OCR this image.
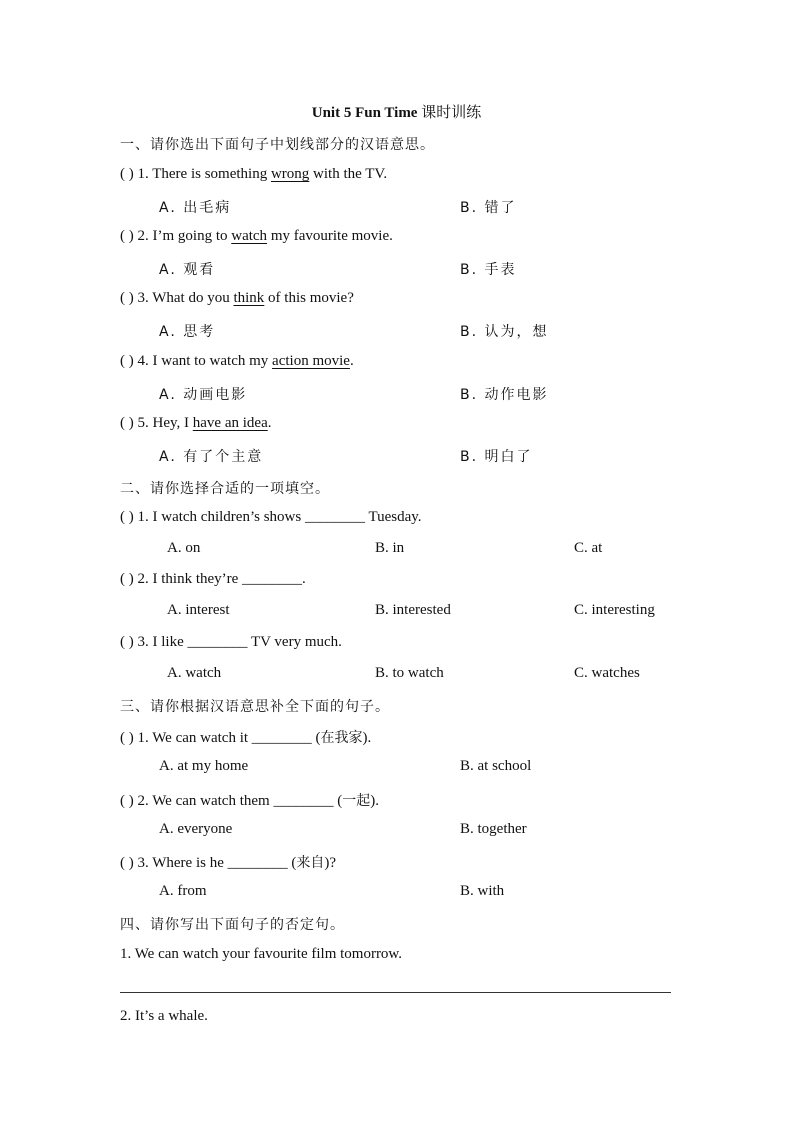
Unit 5 Fun Time 课时训练
一、请你选出下面句子中划线部分的汉语意思。
( ) 1. There is something wrong with the TV.
A. 出毛病	B. 错了
( ) 2. I’m going to watch my favourite movie.
A. 观看	B. 手表
( ) 3. What do you think of this movie?
A. 思考	B. 认为，想
( ) 4. I want to watch my action movie.
A. 动画电影	B. 动作电影
( ) 5. Hey, I have an idea.
A. 有了个主意	B. 明白了
二、请你选择合适的一项填空。
( ) 1. I watch children’s shows ________ Tuesday.
A. on	B. in	C. at
( ) 2. I think they’re ________.
A. interest	B. interested	C. interesting
( ) 3. I like ________ TV very much.
A. watch	B. to watch	C. watches
三、请你根据汉语意思补全下面的句子。
( ) 1. We can watch it ________ (在我家).
A. at my home	B. at school
( ) 2. We can watch them ________ (一起).
A. everyone	B. together
( ) 3. Where is he ________ (来自)?
A. from	B. with
四、请你写出下面句子的否定句。
1. We can watch your favourite film tomorrow.
2. It’s a whale.
